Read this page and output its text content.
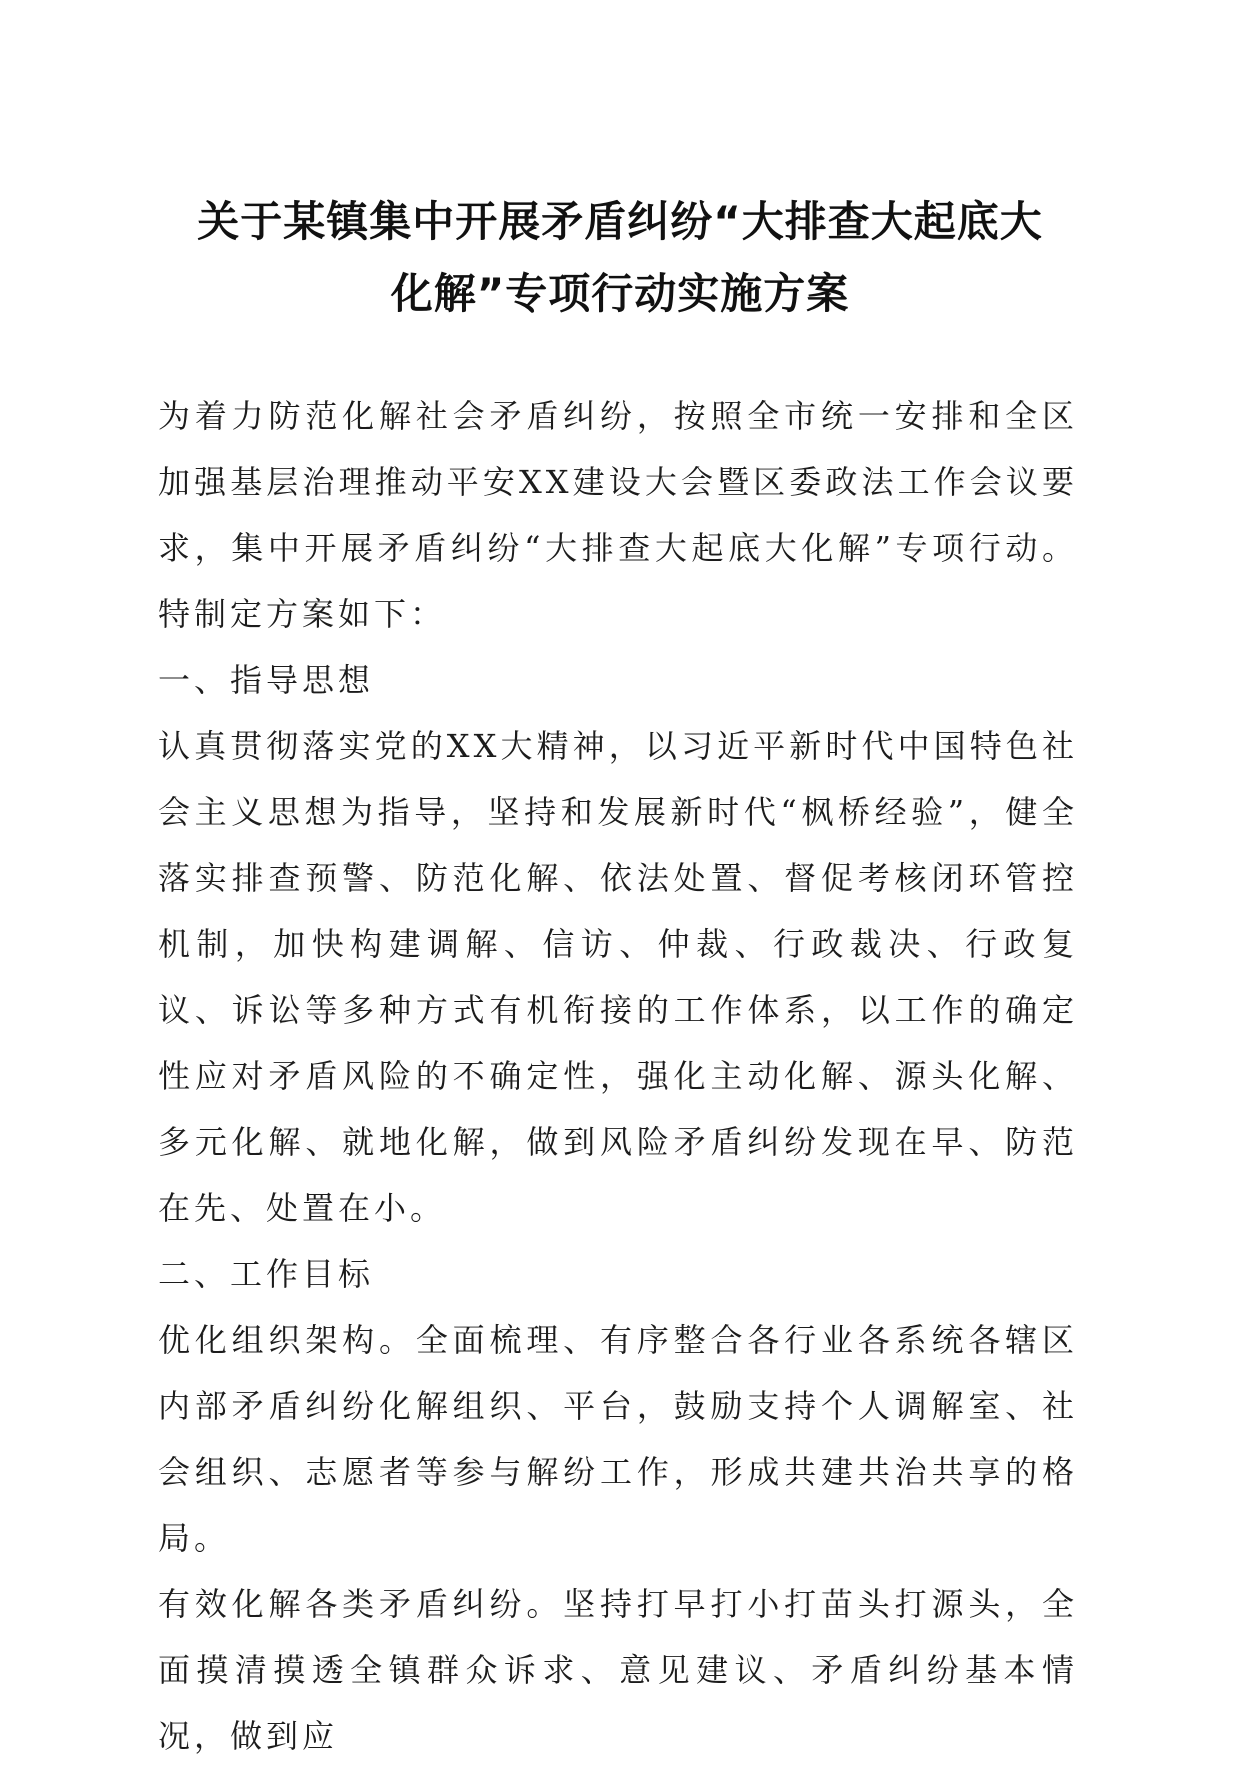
关于某镇集中开展矛盾纠纷“大排查大起底大
化解”专项行动实施方案

为着力防范化解社会矛盾纠纷，按照全市统一安排和全区加强基层治理推动平安XX建设大会暨区委政法工作会议要求，集中开展矛盾纠纷“大排查大起底大化解”专项行动。特制定方案如下：

一、指导思想

认真贯彻落实党的XX大精神，以习近平新时代中国特色社会主义思想为指导，坚持和发展新时代“枫桥经验”，健全落实排查预警、防范化解、依法处置、督促考核闭环管控机制，加快构建调解、信访、仲裁、行政裁决、行政复议、诉讼等多种方式有机衔接的工作体系，以工作的确定性应对矛盾风险的不确定性，强化主动化解、源头化解、多元化解、就地化解，做到风险矛盾纠纷发现在早、防范在先、处置在小。

二、工作目标

优化组织架构。全面梳理、有序整合各行业各系统各辖区内部矛盾纠纷化解组织、平台，鼓励支持个人调解室、社会组织、志愿者等参与解纷工作，形成共建共治共享的格局。

有效化解各类矛盾纠纷。坚持打早打小打苗头打源头，全面摸清摸透全镇群众诉求、意见建议、矛盾纠纷基本情况，做到应
